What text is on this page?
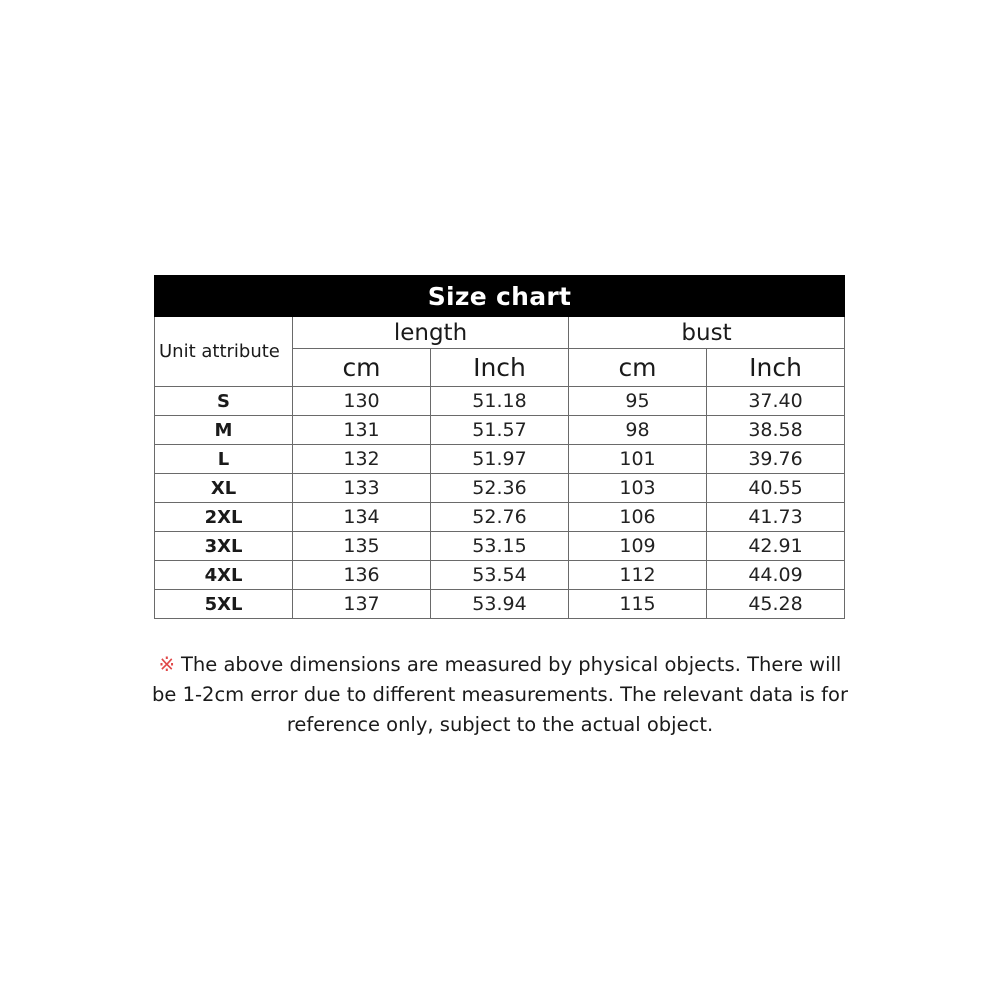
Size chart				
Unit attribute	length		bust	
	cm	Inch	cm	Inch
S	130	51.18	95	37.40
M	131	51.57	98	38.58
L	132	51.97	101	39.76
XL	133	52.36	103	40.55
2XL	134	52.76	106	41.73
3XL	135	53.15	109	42.91
4XL	136	53.54	112	44.09
5XL	137	53.94	115	45.28
※ The above dimensions are measured by physical objects. There will be 1-2cm error due to different measurements. The relevant data is for reference only, subject to the actual object.
